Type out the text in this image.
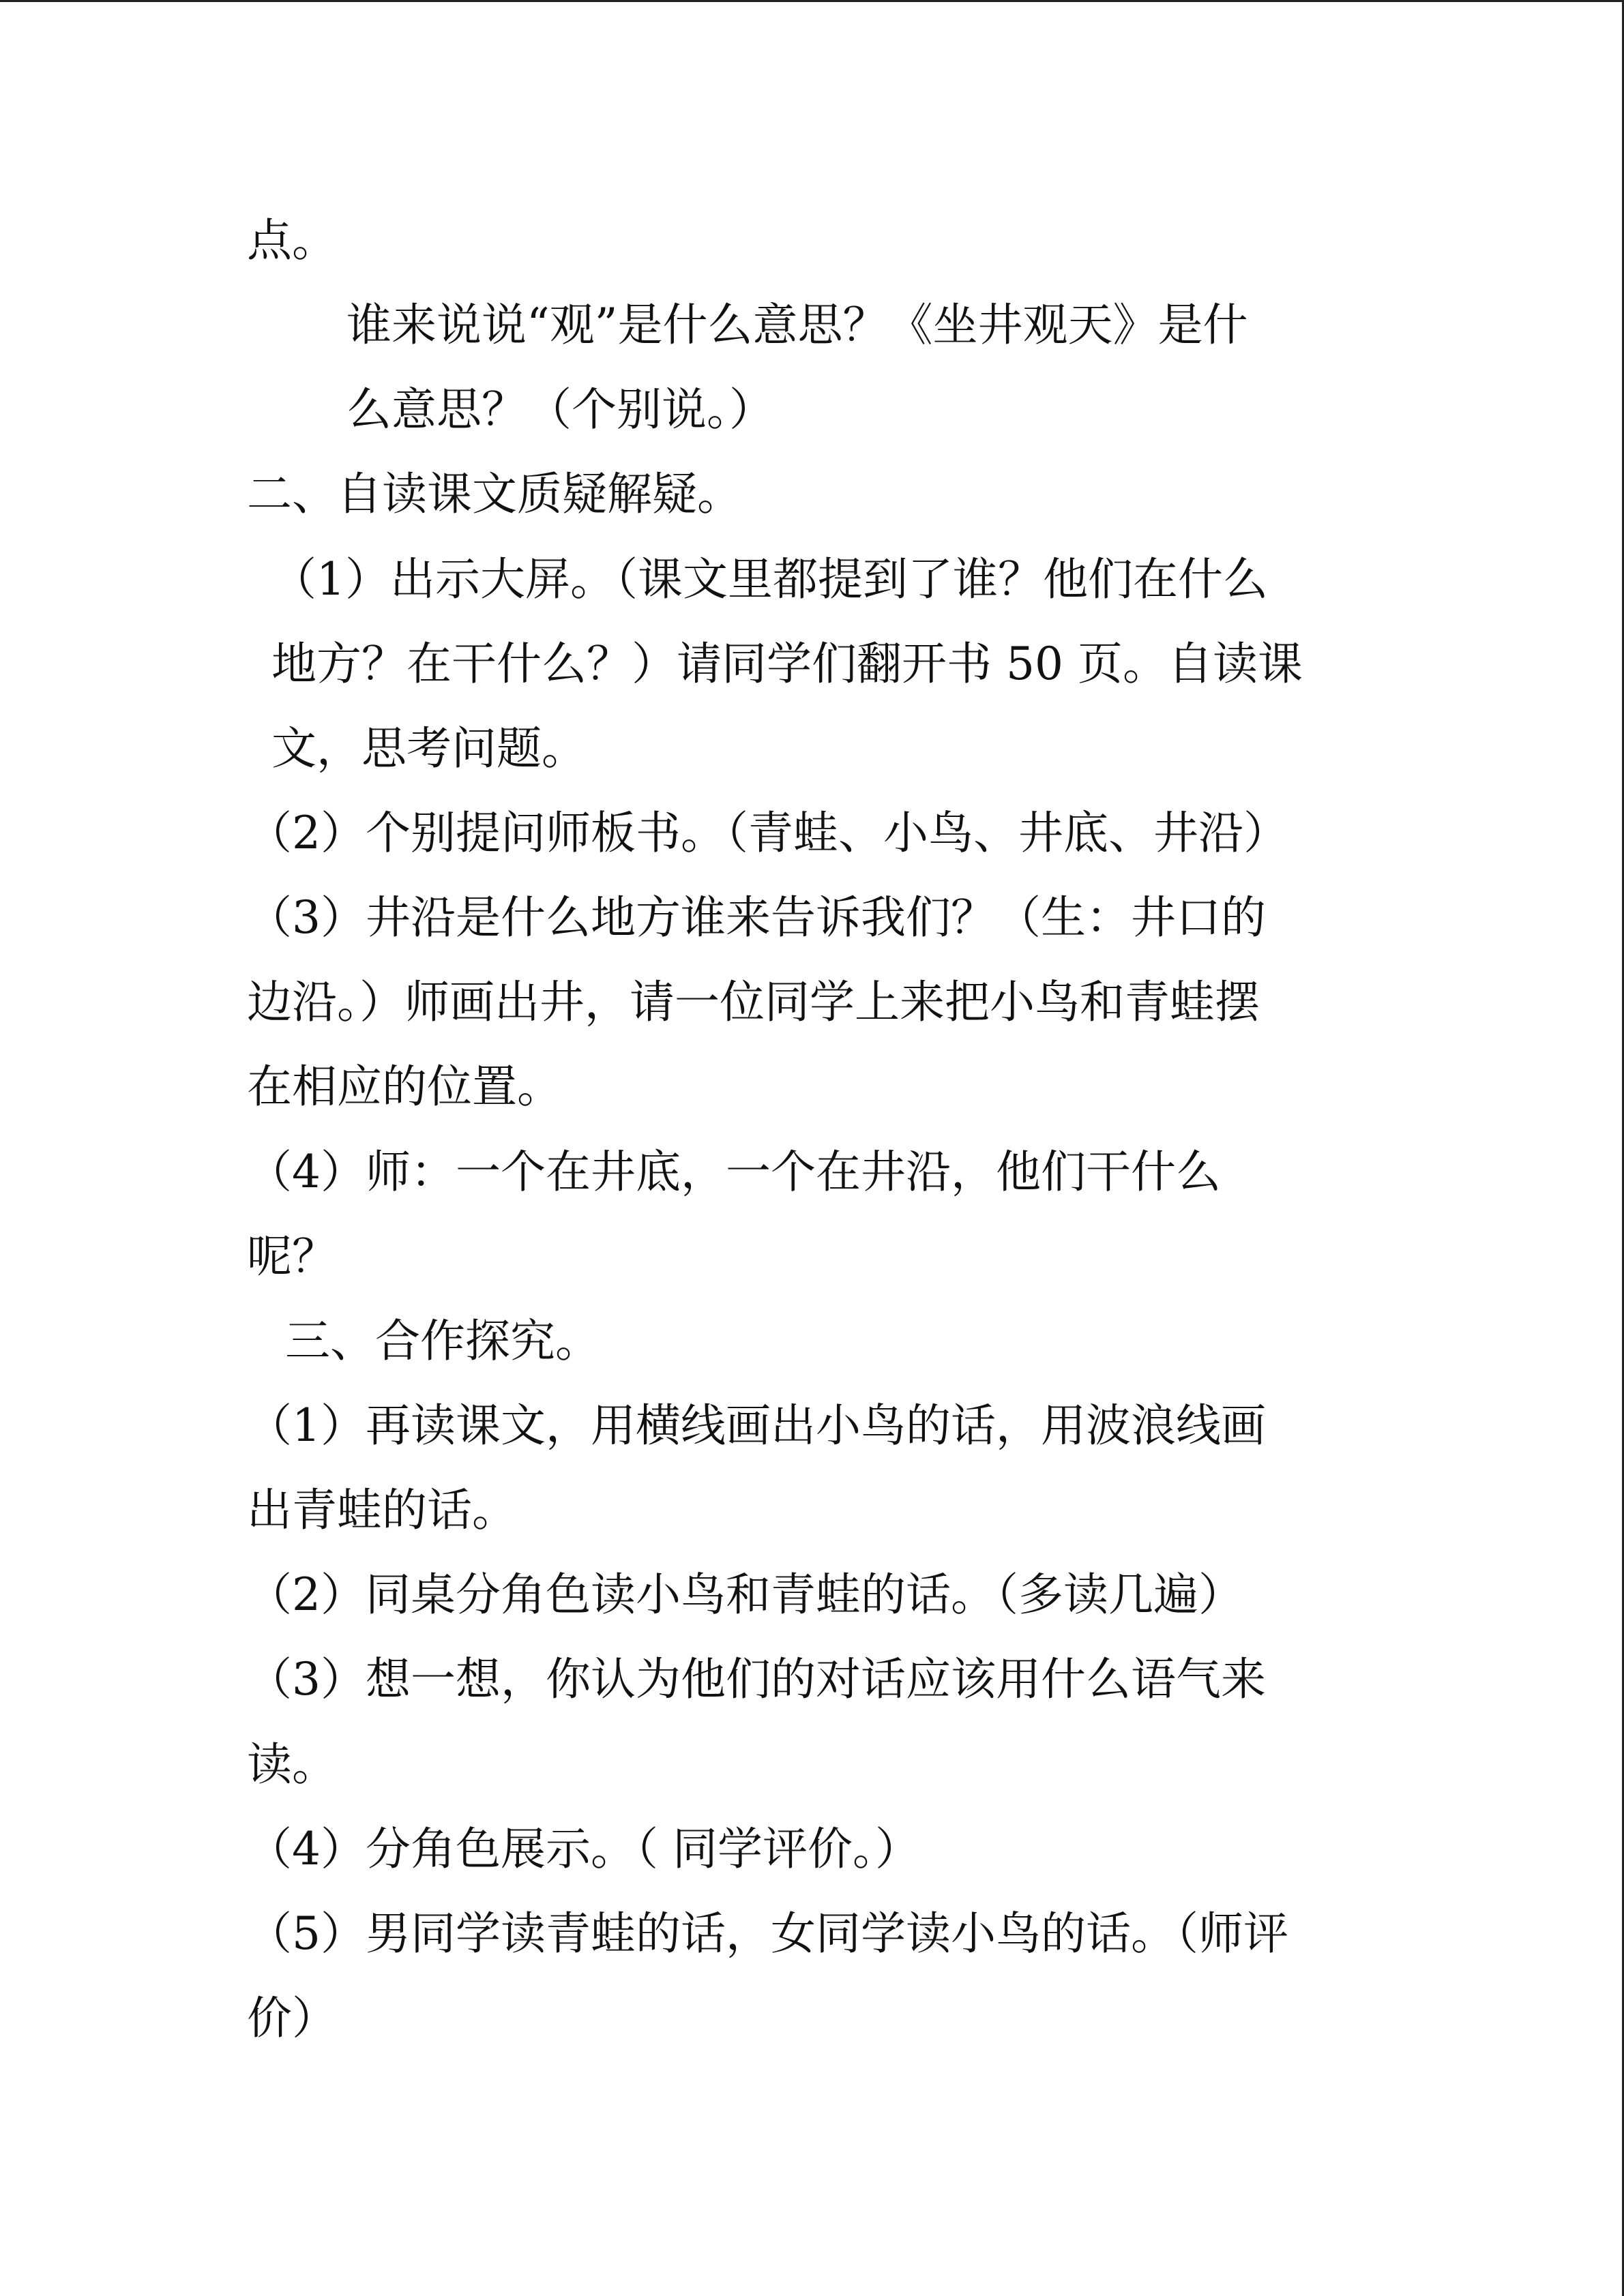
点。
谁来说说“观”是什么意思？《坐井观天》是什
么意思？（个别说。）
二、自读课文质疑解疑。
（1）出示大屏。（课文里都提到了谁？他们在什么
地方？在干什么？）请同学们翻开书 50 页。自读课
文，思考问题。
（2）个别提问师板书。（青蛙、小鸟、井底、井沿）
（3）井沿是什么地方谁来告诉我们？（生：井口的
边沿。）师画出井，请一位同学上来把小鸟和青蛙摆
在相应的位置。
（4）师：一个在井底，一个在井沿，他们干什么
呢？
三、合作探究。
（1）再读课文，用横线画出小鸟的话，用波浪线画
出青蛙的话。
（2）同桌分角色读小鸟和青蛙的话。（多读几遍）
（3）想一想，你认为他们的对话应该用什么语气来
读。
（4）分角色展示。（ 同学评价。）
（5）男同学读青蛙的话，女同学读小鸟的话。（师评
价）
